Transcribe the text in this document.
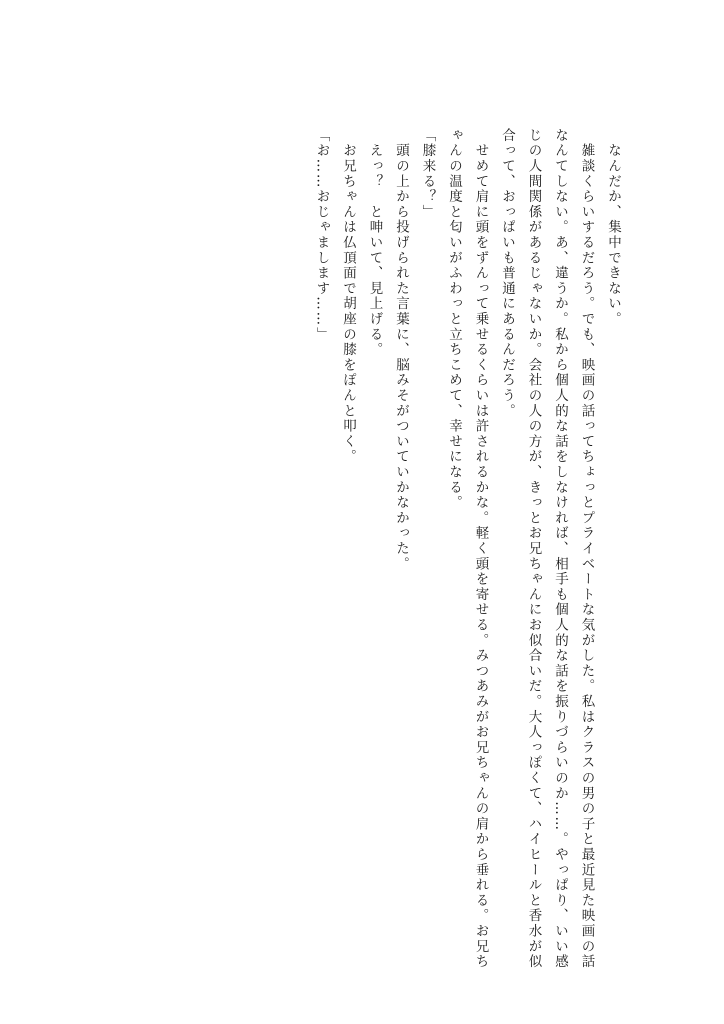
　なんだか、集中できない。
　雑談くらいするだろう。でも、映画の話ってちょっとプライベートな気がした。私はクラスの男の子と最近見た映画の話
なんてしない。あ、違うか。私から個人的な話をしなければ、相手も個人的な話を振りづらいのか……。やっぱり、いい感
じの人間関係があるじゃないか。会社の人の方が、きっとお兄ちゃんにお似合いだ。大人っぽくて、ハイヒールと香水が似
合って、おっぱいも普通にあるんだろう。
　せめて肩に頭をずんって乗せるくらいは許されるかな。軽く頭を寄せる。みつあみがお兄ちゃんの肩から垂れる。お兄ち
ゃんの温度と匂いがふわっと立ちこめて、幸せになる。
「膝来る？」
　頭の上から投げられた言葉に、脳みそがついていかなかった。
　えっ？　と呻いて、見上げる。
　お兄ちゃんは仏頂面で胡座の膝をぽんと叩く。
「お……おじゃまします……」
